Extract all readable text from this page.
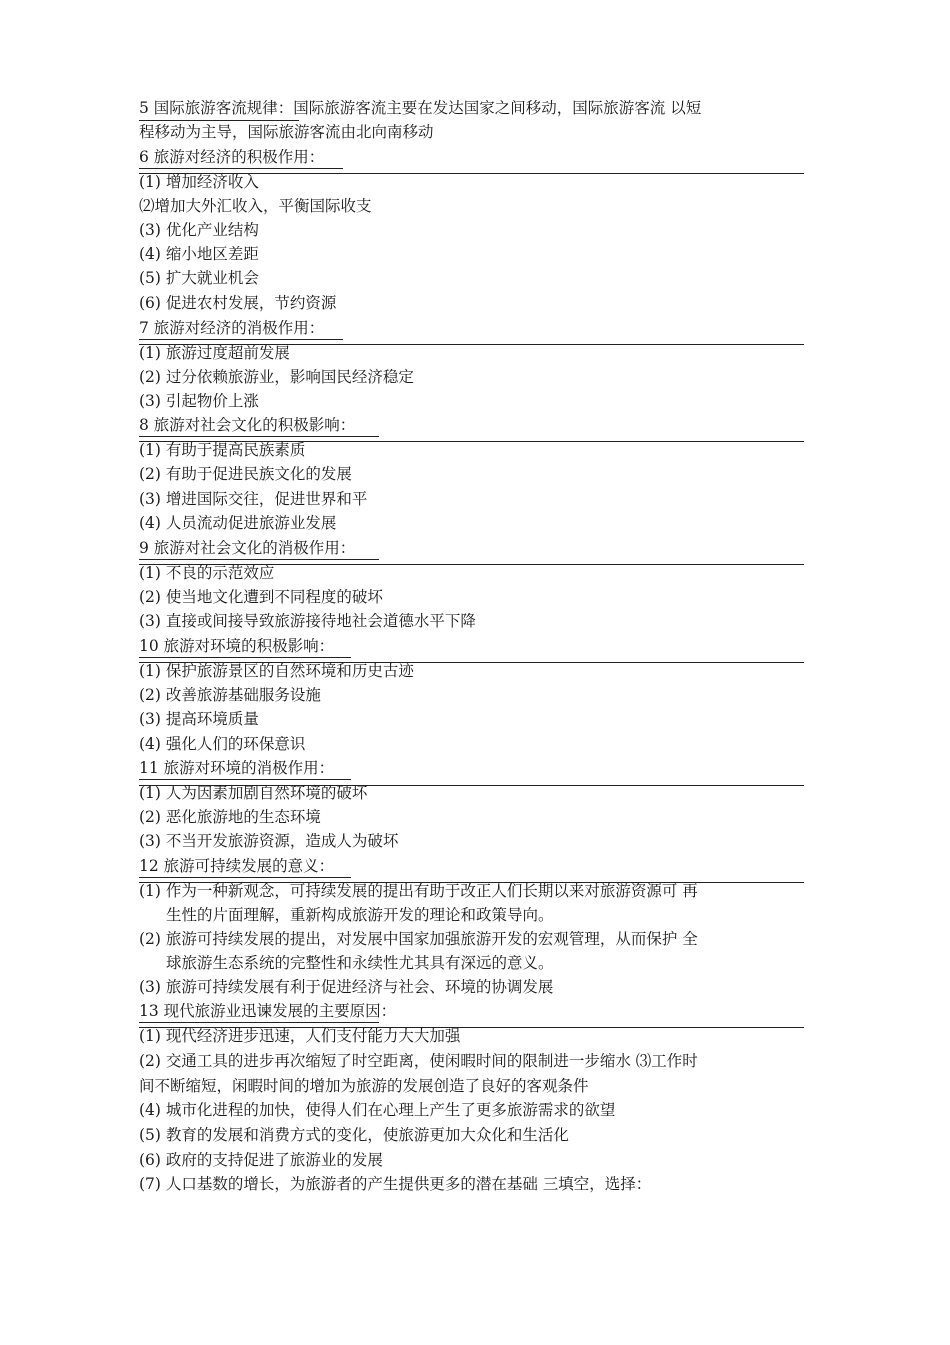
5 国际旅游客流规律：国际旅游客流主要在发达国家之间移动，国际旅游客流 以短
程移动为主导，国际旅游客流由北向南移动
6 旅游对经济的积极作用：
(1) 增加经济收入
⑵增加大外汇收入，平衡国际收支
(3) 优化产业结构
(4) 缩小地区差距
(5) 扩大就业机会
(6) 促进农村发展，节约资源
7 旅游对经济的消极作用：
(1) 旅游过度超前发展
(2) 过分依赖旅游业，影响国民经济稳定
(3) 引起物价上涨
8 旅游对社会文化的积极影响：
(1) 有助于提高民族素质
(2) 有助于促进民族文化的发展
(3) 增进国际交往，促进世界和平
(4) 人员流动促进旅游业发展
9 旅游对社会文化的消极作用：
(1) 不良的示范效应
(2) 使当地文化遭到不同程度的破坏
(3) 直接或间接导致旅游接待地社会道德水平下降
10 旅游对环境的积极影响：
(1) 保护旅游景区的自然环境和历史古迹
(2) 改善旅游基础服务设施
(3) 提高环境质量
(4) 强化人们的环保意识
11 旅游对环境的消极作用：
(1) 人为因素加剧自然环境的破坏
(2) 恶化旅游地的生态环境
(3) 不当开发旅游资源，造成人为破坏
12 旅游可持续发展的意义：
(1) 作为一种新观念，可持续发展的提出有助于改正人们长期以来对旅游资源可 再
生性的片面理解，重新构成旅游开发的理论和政策导向。
(2) 旅游可持续发展的提出，对发展中国家加强旅游开发的宏观管理，从而保护 全
球旅游生态系统的完整性和永续性尤其具有深远的意义。
(3) 旅游可持续发展有利于促进经济与社会、环境的协调发展
13 现代旅游业迅谏发展的主要原因：
(1) 现代经济进步迅速，人们支付能力大大加强
(2) 交通工具的进步再次缩短了时空距离，使闲暇时间的限制进一步缩水 ⑶工作时
间不断缩短，闲暇时间的增加为旅游的发展创造了良好的客观条件
(4) 城市化进程的加快，使得人们在心理上产生了更多旅游需求的欲望
(5) 教育的发展和消费方式的变化，使旅游更加大众化和生活化
(6) 政府的支持促进了旅游业的发展
(7) 人口基数的增长，为旅游者的产生提供更多的潜在基础 三填空，选择：
